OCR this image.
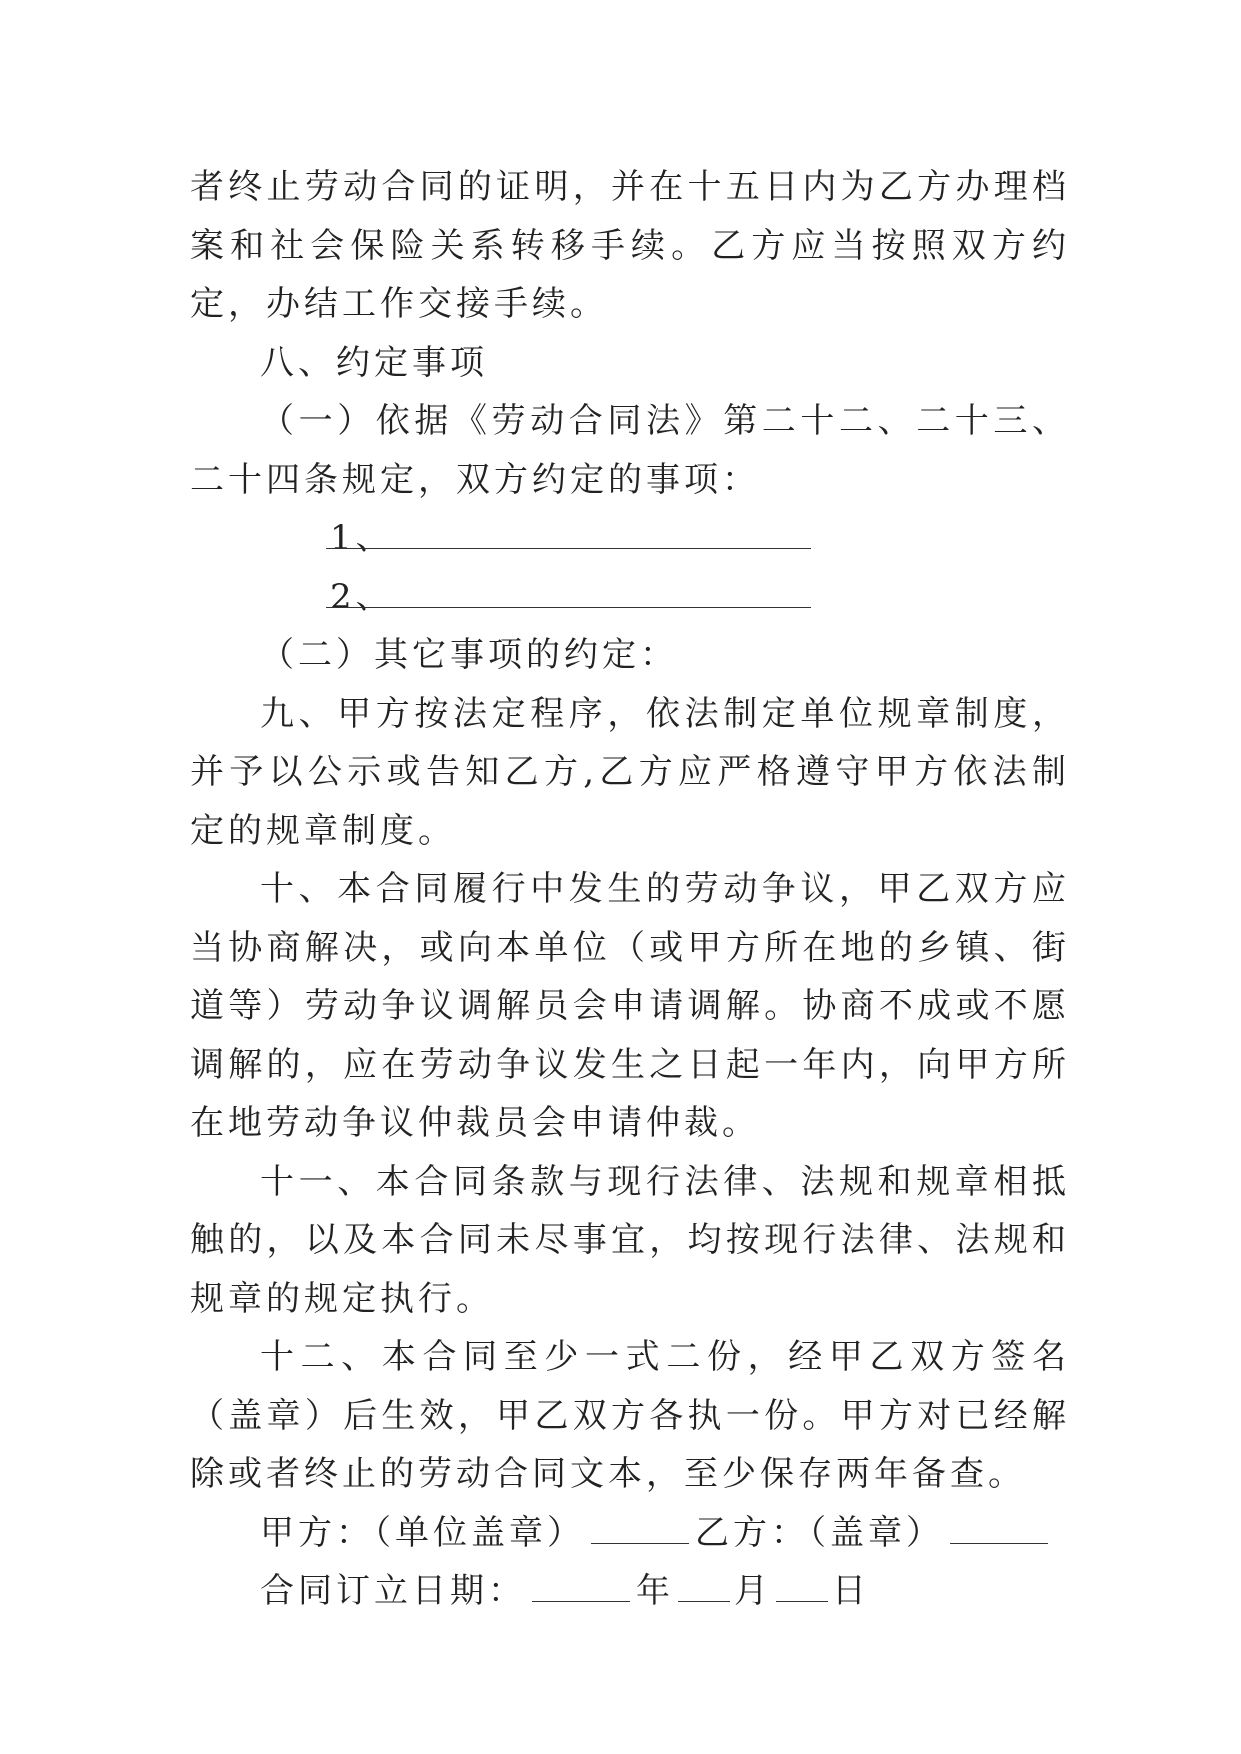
者终止劳动合同的证明，并在十五日内为乙方办理档案和社会保险关系转移手续。乙方应当按照双方约定，办结工作交接手续。

八、约定事项

（一）依据《劳动合同法》第二十二、二十三、二十四条规定，双方约定的事项：

1、

2、

（二）其它事项的约定：

九、甲方按法定程序，依法制定单位规章制度，并予以公示或告知乙方,乙方应严格遵守甲方依法制定的规章制度。

十、本合同履行中发生的劳动争议，甲乙双方应当协商解决，或向本单位（或甲方所在地的乡镇、街道等）劳动争议调解员会申请调解。协商不成或不愿调解的，应在劳动争议发生之日起一年内，向甲方所在地劳动争议仲裁员会申请仲裁。

十一、本合同条款与现行法律、法规和规章相抵触的，以及本合同未尽事宜，均按现行法律、法规和规章的规定执行。

十二、本合同至少一式二份，经甲乙双方签名（盖章）后生效，甲乙双方各执一份。甲方对已经解除或者终止的劳动合同文本，至少保存两年备查。

甲方：（单位盖章）	乙方：（盖章）

合同订立日期：	年 月 日
